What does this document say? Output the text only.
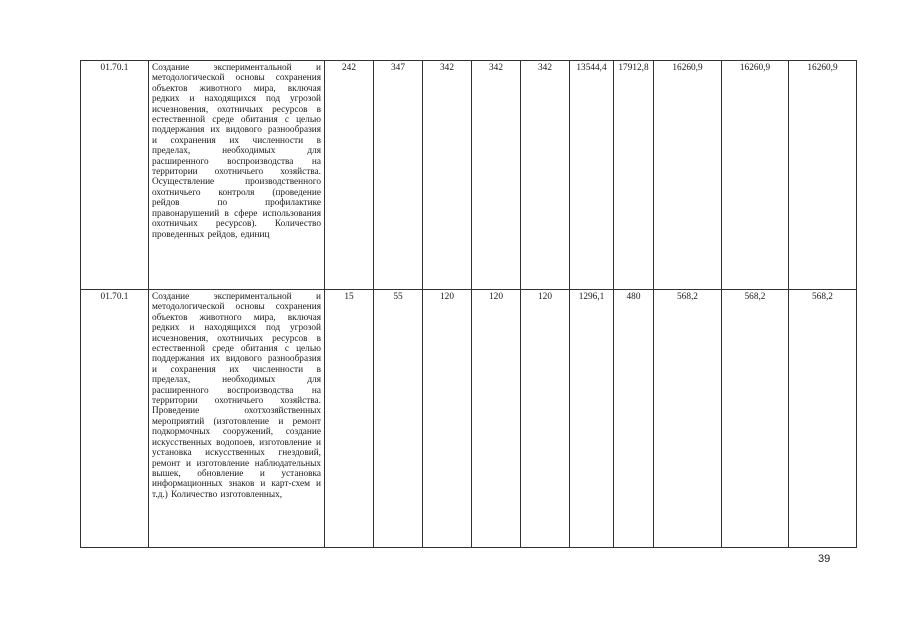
01.70.1	Создание экспериментальной и методологической основы сохранения объектов животного мира, включая редких и находящихся под угрозой исчезновения, охотничьих ресурсов в естественной среде обитания с целью поддержания их видового разнообразия и сохранения их численности в пределах, необходимых для расширенного воспроизводства на территории охотничьего хозяйства. Осуществление производственного охотничьего контроля (проведение рейдов по профилактике правонарушений в сфере использования охотничьих ресурсов). Количество проведенных рейдов, единиц	242	347	342	342	342	13544,4	17912,8	16260,9	16260,9	16260,9
01.70.1	Создание экспериментальной и методологической основы сохранения объектов животного мира, включая редких и находящихся под угрозой исчезновения, охотничьих ресурсов в естественной среде обитания с целью поддержания их видового разнообразия и сохранения их численности в пределах, необходимых для расширенного воспроизводства на территории охотничьего хозяйства. Проведение охотхозяйственных мероприятий (изготовление и ремонт подкормочных сооружений, создание искусственных водопоев, изготовление и установка искусственных гнездовий, ремонт и изготовление наблюдательных вышек, обновление и установка информационных знаков и карт-схем и т.д.) Количество изготовленных,	15	55	120	120	120	1296,1	480	568,2	568,2	568,2
39
